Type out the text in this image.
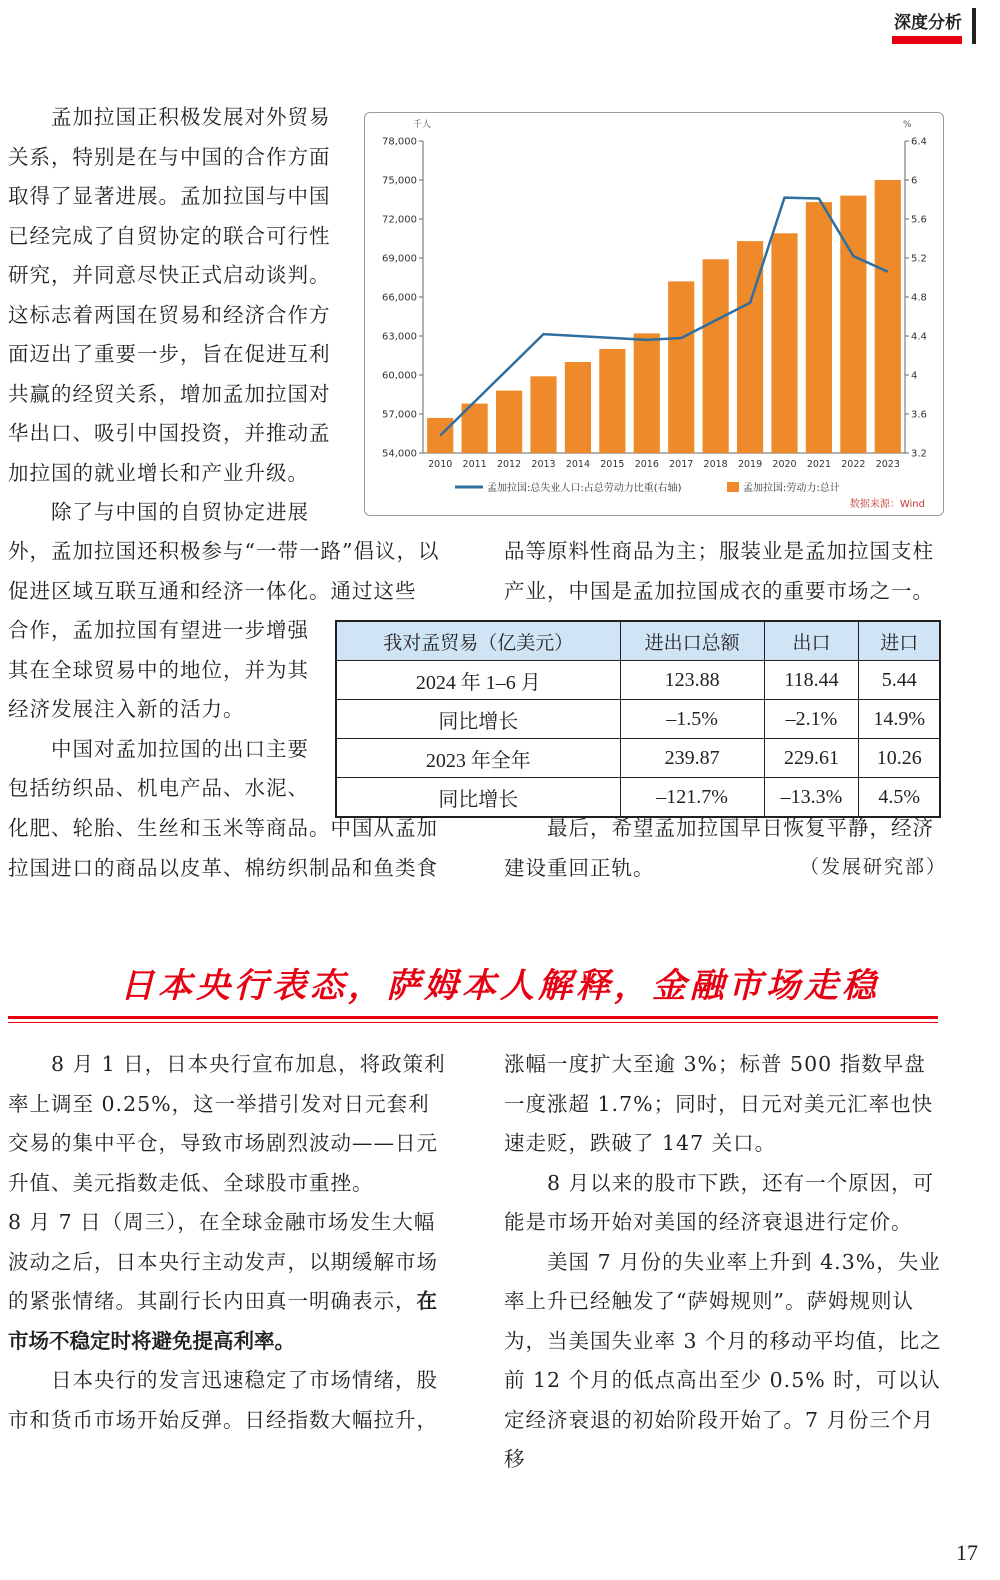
深度分析

孟加拉国正积极发展对外贸易关系，特别是在与中国的合作方面取得了显著进展。孟加拉国与中国已经完成了自贸协定的联合可行性研究，并同意尽快正式启动谈判。这标志着两国在贸易和经济合作方面迈出了重要一步，旨在促进互利共赢的经贸关系，增加孟加拉国对华出口、吸引中国投资，并推动孟加拉国的就业增长和产业升级。

除了与中国的自贸协定进展

外，孟加拉国还积极参与“一带一路”倡议，以促进区域互联互通和经济一体化。通过这些

合作，孟加拉国有望进一步增强其在全球贸易中的地位，并为其经济发展注入新的活力。

中国对孟加拉国的出口主要包括纺织品、机电产品、水泥、

化肥、轮胎、生丝和玉米等商品。中国从孟加拉国进口的商品以皮革、棉纺织制品和鱼类食

品等原料性商品为主；服装业是孟加拉国支柱产业，中国是孟加拉国成衣的重要市场之一。

最后，希望孟加拉国早日恢复平静，经济建设重回正轨。	（发展研究部）
54,000
57,000
60,000
63,000
66,000
69,000
72,000
75,000
78,000
3.2
3.6
4
4.4
4.8
5.2
5.6
6
6.4
2010 2011 2012 2013 2014 2015 2016 2017 2018 2019 2020 2021 2022 2023
千人	%
孟加拉国:总失业人口:占总劳动力比重(右轴)	孟加拉国:劳动力:总计
数据来源：Wind
我对孟贸易（亿美元）	进出口总额	出口	进口
2024 年 1–6 月	123.88	118.44	5.44
同比增长	–1.5%	–2.1%	14.9%
2023 年全年	239.87	229.61	10.26
同比增长	–121.7%	–13.3%	4.5%
日本央行表态，萨姆本人解释，金融市场走稳

8 月 1 日，日本央行宣布加息，将政策利率上调至 0.25%，这一举措引发对日元套利交易的集中平仓，导致市场剧烈波动——日元升值、美元指数走低、全球股市重挫。

8 月 7 日（周三），在全球金融市场发生大幅波动之后，日本央行主动发声，以期缓解市场的紧张情绪。其副行长内田真一明确表示，

在市场不稳定时将避免提高利率。

日本央行的发言迅速稳定了市场情绪，股市和货币市场开始反弹。日经指数大幅拉升，

涨幅一度扩大至逾 3%；标普 500 指数早盘一度涨超 1.7%；同时，日元对美元汇率也快速走贬，跌破了 147 关口。

8 月以来的股市下跌，还有一个原因，可能是市场开始对美国的经济衰退进行定价。

美国 7 月份的失业率上升到 4.3%，失业率上升已经触发了“萨姆规则”。萨姆规则认为，当美国失业率 3 个月的移动平均值，比之前 12 个月的低点高出至少 0.5% 时，可以认定经济衰退的初始阶段开始了。7 月份三个月移

17
